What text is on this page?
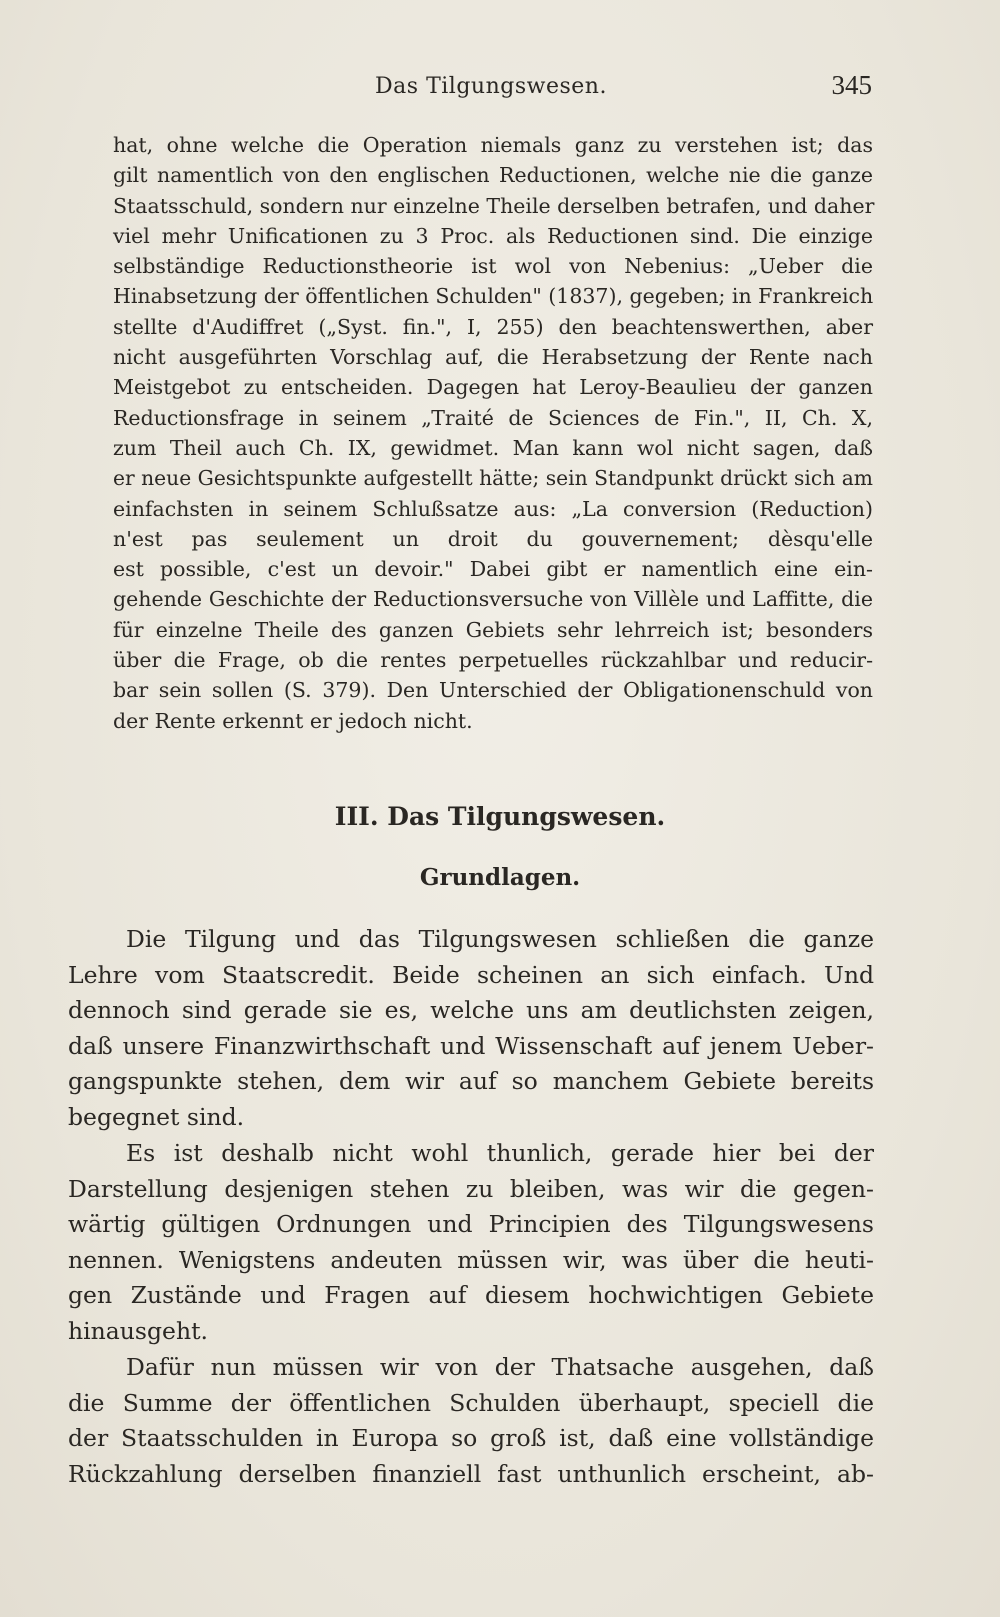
Das Tilgungswesen.	345
hat, ohne welche die Operation niemals ganz zu verstehen ist; das
gilt namentlich von den englischen Reductionen, welche nie die ganze
Staatsschuld, sondern nur einzelne Theile derselben betrafen, und daher
viel mehr Unificationen zu 3 Proc. als Reductionen sind. Die einzige
selbständige Reductionstheorie ist wol von Nebenius: „Ueber die
Hinabsetzung der öffentlichen Schulden" (1837), gegeben; in Frankreich
stellte d'Audiffret („Syst. fin.", I, 255) den beachtenswerthen, aber
nicht ausgeführten Vorschlag auf, die Herabsetzung der Rente nach
Meistgebot zu entscheiden. Dagegen hat Leroy-Beaulieu der ganzen
Reductionsfrage in seinem „Traité de Sciences de Fin.", II, Ch. X,
zum Theil auch Ch. IX, gewidmet. Man kann wol nicht sagen, daß
er neue Gesichtspunkte aufgestellt hätte; sein Standpunkt drückt sich am
einfachsten in seinem Schlußsatze aus: „La conversion (Reduction)
n'est pas seulement un droit du gouvernement; dèsqu'elle
est possible, c'est un devoir." Dabei gibt er namentlich eine ein-
gehende Geschichte der Reductionsversuche von Villèle und Laffitte, die
für einzelne Theile des ganzen Gebiets sehr lehrreich ist; besonders
über die Frage, ob die rentes perpetuelles rückzahlbar und reducir-
bar sein sollen (S. 379). Den Unterschied der Obligationenschuld von
der Rente erkennt er jedoch nicht.
III. Das Tilgungswesen.
Grundlagen.
Die Tilgung und das Tilgungswesen schließen die ganze
Lehre vom Staatscredit. Beide scheinen an sich einfach. Und
dennoch sind gerade sie es, welche uns am deutlichsten zeigen,
daß unsere Finanzwirthschaft und Wissenschaft auf jenem Ueber-
gangspunkte stehen, dem wir auf so manchem Gebiete bereits
begegnet sind.
Es ist deshalb nicht wohl thunlich, gerade hier bei der
Darstellung desjenigen stehen zu bleiben, was wir die gegen-
wärtig gültigen Ordnungen und Principien des Tilgungswesens
nennen. Wenigstens andeuten müssen wir, was über die heuti-
gen Zustände und Fragen auf diesem hochwichtigen Gebiete
hinausgeht.
Dafür nun müssen wir von der Thatsache ausgehen, daß
die Summe der öffentlichen Schulden überhaupt, speciell die
der Staatsschulden in Europa so groß ist, daß eine vollständige
Rückzahlung derselben finanziell fast unthunlich erscheint, ab-
